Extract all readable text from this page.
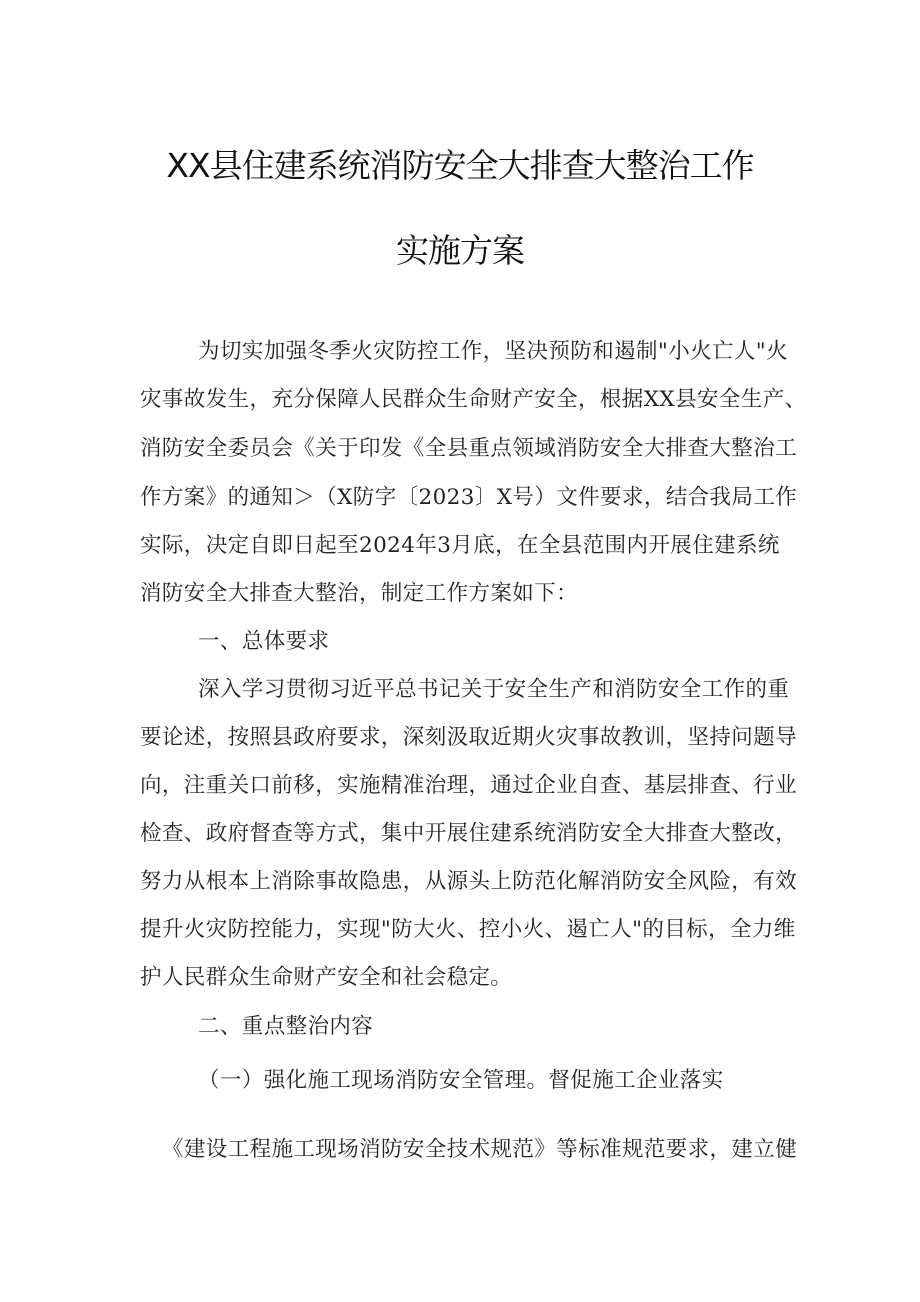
XX县住建系统消防安全大排查大整治工作
实施方案
为切实加强冬季火灾防控工作，坚决预防和遏制"小火亡人"火
灾事故发生，充分保障人民群众生命财产安全，根据XX县安全生产、
消防安全委员会《关于印发《全县重点领域消防安全大排查大整治工
作方案》的通知＞（X防字〔2023〕X号）文件要求，结合我局工作
实际，决定自即日起至2024年3月底，在全县范围内开展住建系统
消防安全大排查大整治，制定工作方案如下：
一、总体要求
深入学习贯彻习近平总书记关于安全生产和消防安全工作的重
要论述，按照县政府要求，深刻汲取近期火灾事故教训，坚持问题导
向，注重关口前移，实施精准治理，通过企业自查、基层排查、行业
检查、政府督查等方式，集中开展住建系统消防安全大排查大整改，
努力从根本上消除事故隐患，从源头上防范化解消防安全风险，有效
提升火灾防控能力，实现"防大火、控小火、遏亡人"的目标，全力维
护人民群众生命财产安全和社会稳定。
二、重点整治内容
（一）强化施工现场消防安全管理。督促施工企业落实
《建设工程施工现场消防安全技术规范》等标准规范要求，建立健
